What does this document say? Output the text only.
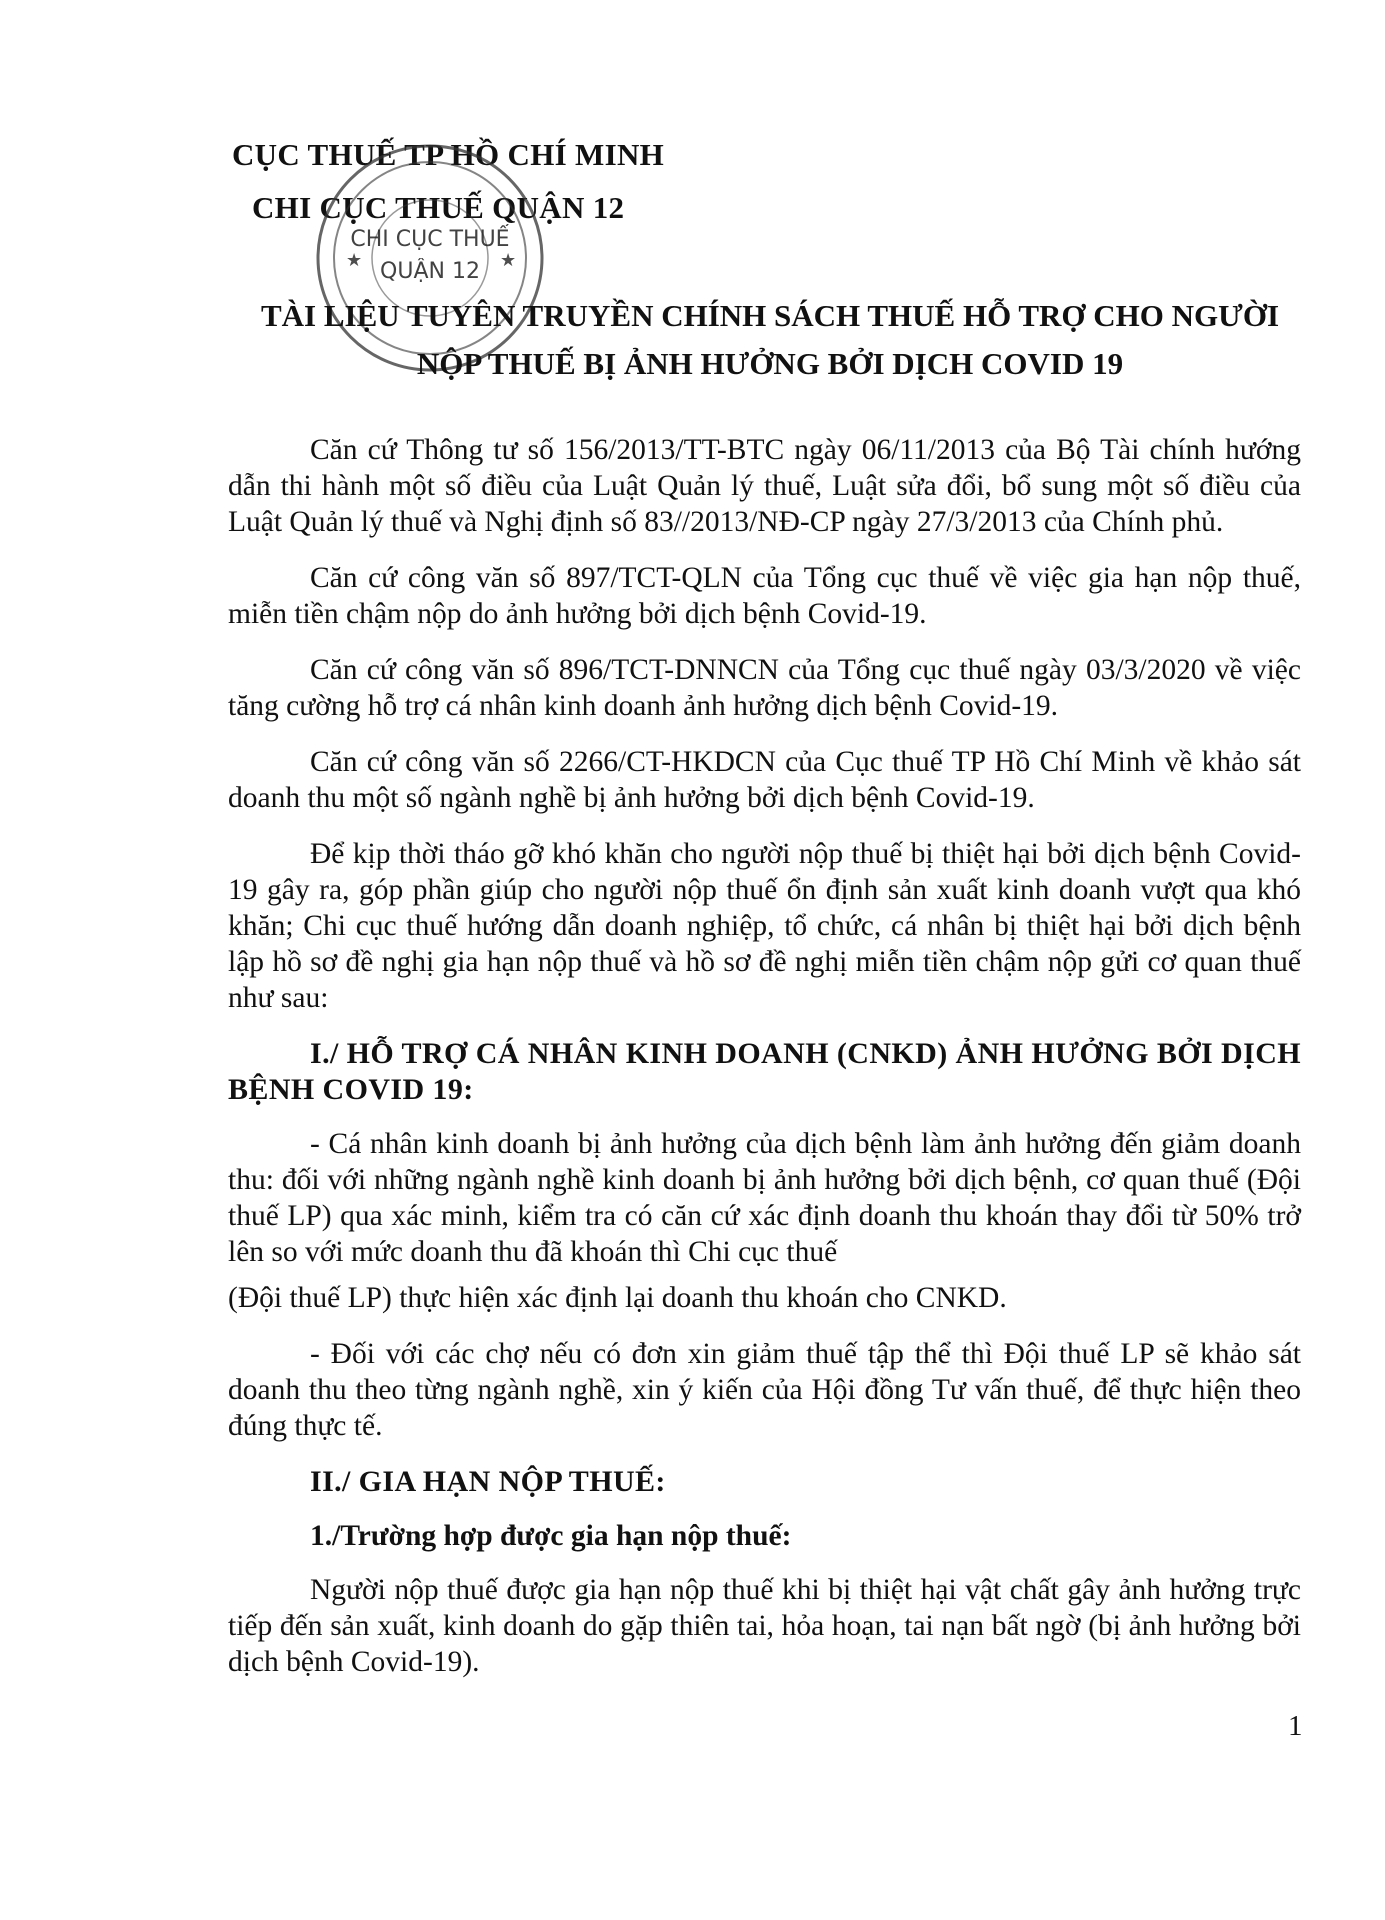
CỤC THUẾ TP HỒ CHÍ MINH
CHI CỤC THUẾ QUẬN 12
CHI CỤC THUẾ
QUẬN 12
★	★
TÀI LIỆU TUYÊN TRUYỀN CHÍNH SÁCH THUẾ HỖ TRỢ CHO NGƯỜI NỘP THUẾ BỊ ẢNH HƯỞNG BỞI DỊCH COVID 19

Căn cứ Thông tư số 156/2013/TT-BTC ngày 06/11/2013 của Bộ Tài chính hướng dẫn thi hành một số điều của Luật Quản lý thuế, Luật sửa đổi, bổ sung một số điều của Luật Quản lý thuế và Nghị định số 83//2013/NĐ-CP ngày 27/3/2013 của Chính phủ.

Căn cứ công văn số 897/TCT-QLN của Tổng cục thuế về việc gia hạn nộp thuế, miễn tiền chậm nộp do ảnh hưởng bởi dịch bệnh Covid-19.

Căn cứ công văn số 896/TCT-DNNCN của Tổng cục thuế ngày 03/3/2020 về việc tăng cường hỗ trợ cá nhân kinh doanh ảnh hưởng dịch bệnh Covid-19.

Căn cứ công văn số 2266/CT-HKDCN của Cục thuế TP Hồ Chí Minh về khảo sát doanh thu một số ngành nghề bị ảnh hưởng bởi dịch bệnh Covid-19.

Để kịp thời tháo gỡ khó khăn cho người nộp thuế bị thiệt hại bởi dịch bệnh Covid-19 gây ra, góp phần giúp cho người nộp thuế ổn định sản xuất kinh doanh vượt qua khó khăn; Chi cục thuế hướng dẫn doanh nghiệp, tổ chức, cá nhân bị thiệt hại bởi dịch bệnh lập hồ sơ đề nghị gia hạn nộp thuế và hồ sơ đề nghị miễn tiền chậm nộp gửi cơ quan thuế như sau:

I./ HỖ TRỢ CÁ NHÂN KINH DOANH (CNKD) ẢNH HƯỞNG BỞI DỊCH BỆNH COVID 19:

- Cá nhân kinh doanh bị ảnh hưởng của dịch bệnh làm ảnh hưởng đến giảm doanh thu: đối với những ngành nghề kinh doanh bị ảnh hưởng bởi dịch bệnh, cơ quan thuế (Đội thuế LP) qua xác minh, kiểm tra có căn cứ xác định doanh thu khoán thay đổi từ 50% trở lên so với mức doanh thu đã khoán thì Chi cục thuế

(Đội thuế LP) thực hiện xác định lại doanh thu khoán cho CNKD.

- Đối với các chợ nếu có đơn xin giảm thuế tập thể thì Đội thuế LP sẽ khảo sát doanh thu theo từng ngành nghề, xin ý kiến của Hội đồng Tư vấn thuế, để thực hiện theo đúng thực tế.

II./ GIA HẠN NỘP THUẾ:

1./Trường hợp được gia hạn nộp thuế:

Người nộp thuế được gia hạn nộp thuế khi bị thiệt hại vật chất gây ảnh hưởng trực tiếp đến sản xuất, kinh doanh do gặp thiên tai, hỏa hoạn, tai nạn bất ngờ (bị ảnh hưởng bởi dịch bệnh Covid-19).

1
